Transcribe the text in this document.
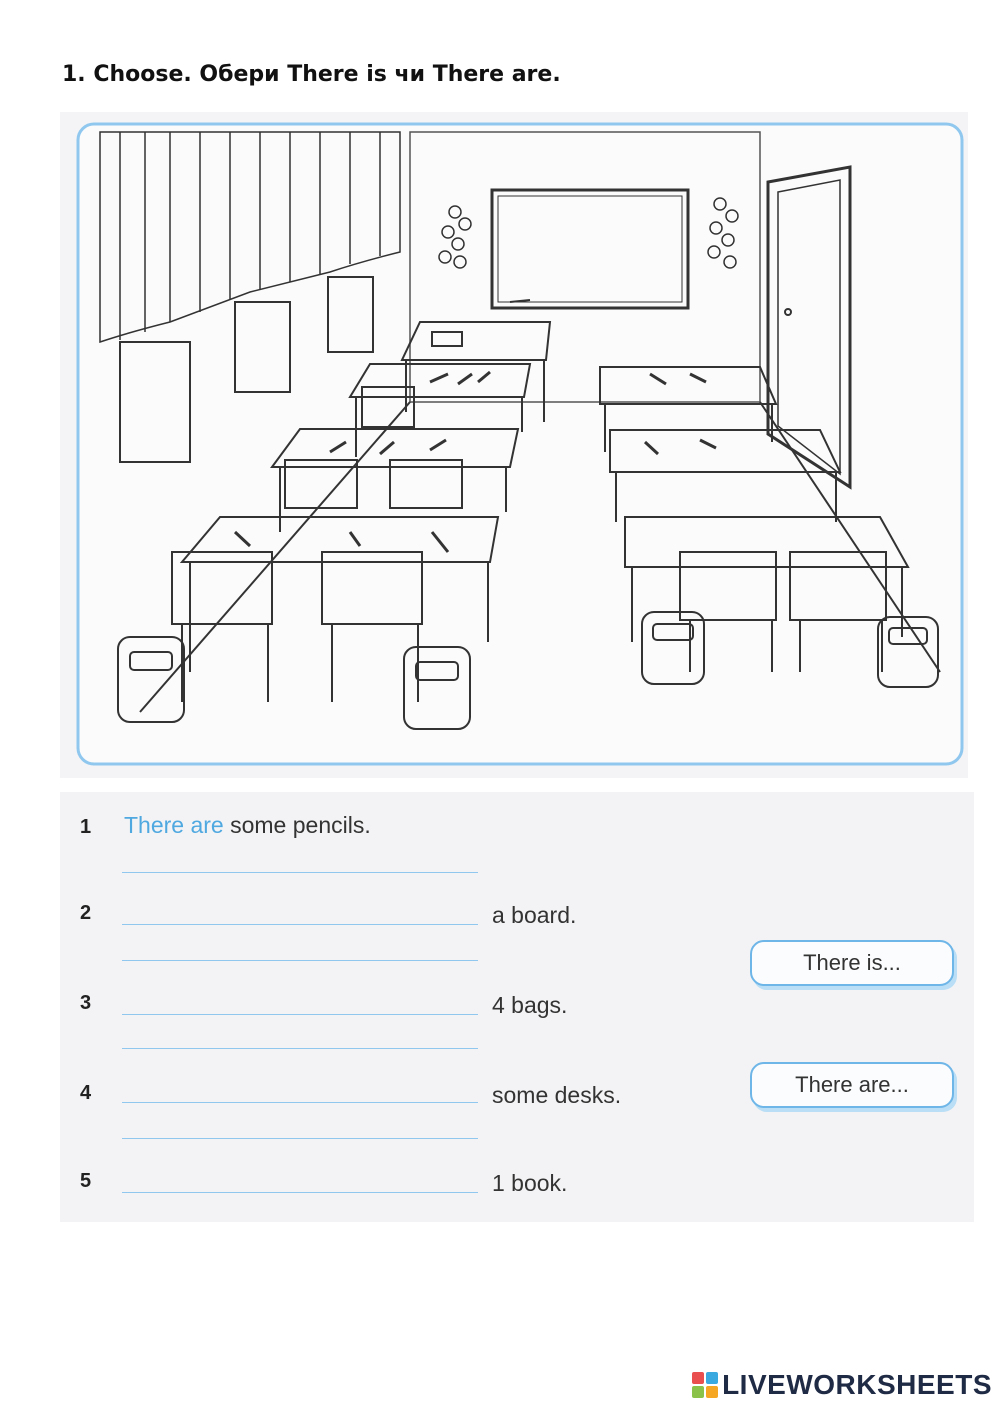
1. Choose. Обери There is чи There are.
1 There are some pencils.
2	a board.
3	4 bags.
4	some desks.
5	1 book.
There is...
There are...
LIVEWORKSHEETS
